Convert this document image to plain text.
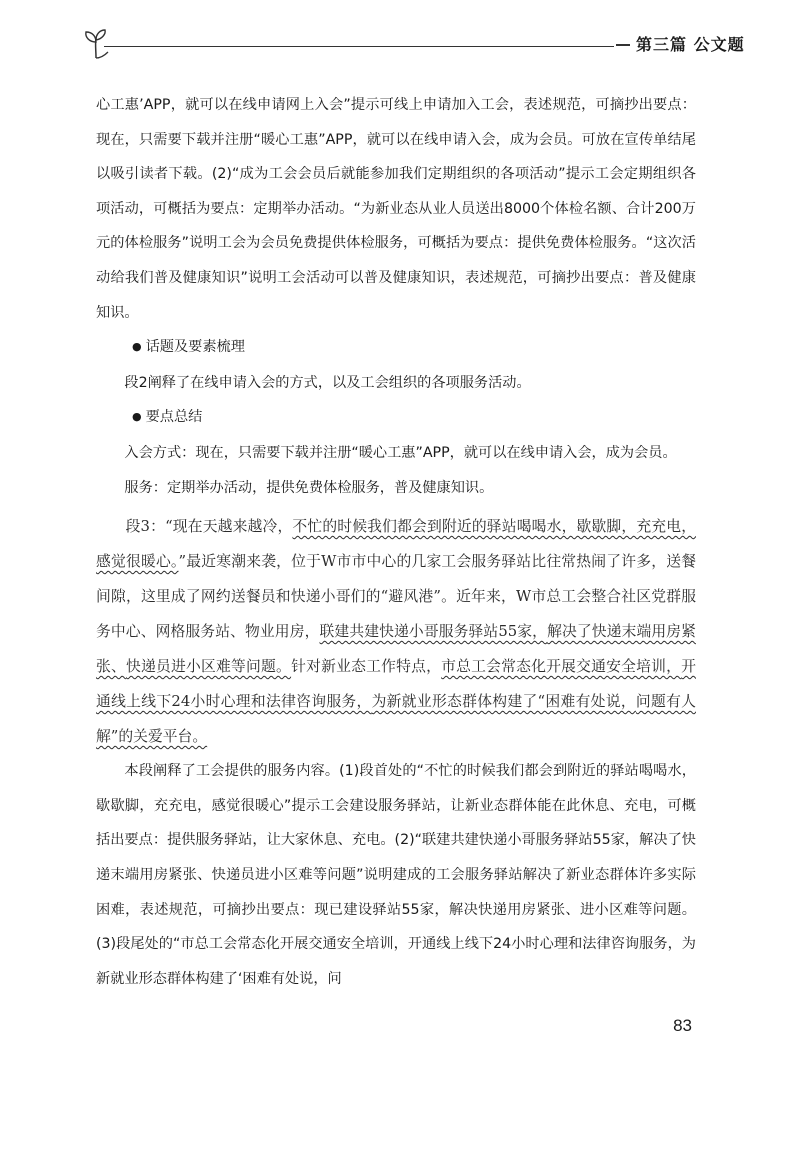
第三篇 公文题

心工惠’APP，就可以在线申请网上入会”提示可线上申请加入工会，表述规范，可摘抄出要点：现在，只需要下载并注册“暖心工惠”APP，就可以在线申请入会，成为会员。可放在宣传单结尾以吸引读者下载。(2)“成为工会会员后就能参加我们定期组织的各项活动”提示工会定期组织各项活动，可概括为要点：定期举办活动。“为新业态从业人员送出8000个体检名额、合计200万元的体检服务”说明工会为会员免费提供体检服务，可概括为要点：提供免费体检服务。“这次活动给我们普及健康知识”说明工会活动可以普及健康知识，表述规范，可摘抄出要点：普及健康知识。

● 话题及要素梳理

段2阐释了在线申请入会的方式，以及工会组织的各项服务活动。

● 要点总结

入会方式：现在，只需要下载并注册“暖心工惠”APP，就可以在线申请入会，成为会员。

服务：定期举办活动，提供免费体检服务，普及健康知识。

段3：“现在天越来越冷，不忙的时候我们都会到附近的驿站喝喝水，歇歇脚，充充电，感觉很暖心。”最近寒潮来袭，位于W市市中心的几家工会服务驿站比往常热闹了许多，送餐间隙，这里成了网约送餐员和快递小哥们的“避风港”。近年来，W市总工会整合社区党群服务中心、网格服务站、物业用房，联建共建快递小哥服务驿站55家，解决了快递末端用房紧张、快递员进小区难等问题。针对新业态工作特点，市总工会常态化开展交通安全培训，开通线上线下24小时心理和法律咨询服务，为新就业形态群体构建了“困难有处说，问题有人解”的关爱平台。

本段阐释了工会提供的服务内容。(1)段首处的“不忙的时候我们都会到附近的驿站喝喝水，歇歇脚，充充电，感觉很暖心”提示工会建设服务驿站，让新业态群体能在此休息、充电，可概括出要点：提供服务驿站，让大家休息、充电。(2)“联建共建快递小哥服务驿站55家，解决了快递末端用房紧张、快递员进小区难等问题”说明建成的工会服务驿站解决了新业态群体许多实际困难，表述规范，可摘抄出要点：现已建设驿站55家，解决快递用房紧张、进小区难等问题。(3)段尾处的“市总工会常态化开展交通安全培训，开通线上线下24小时心理和法律咨询服务，为新就业形态群体构建了‘困难有处说，问

83
